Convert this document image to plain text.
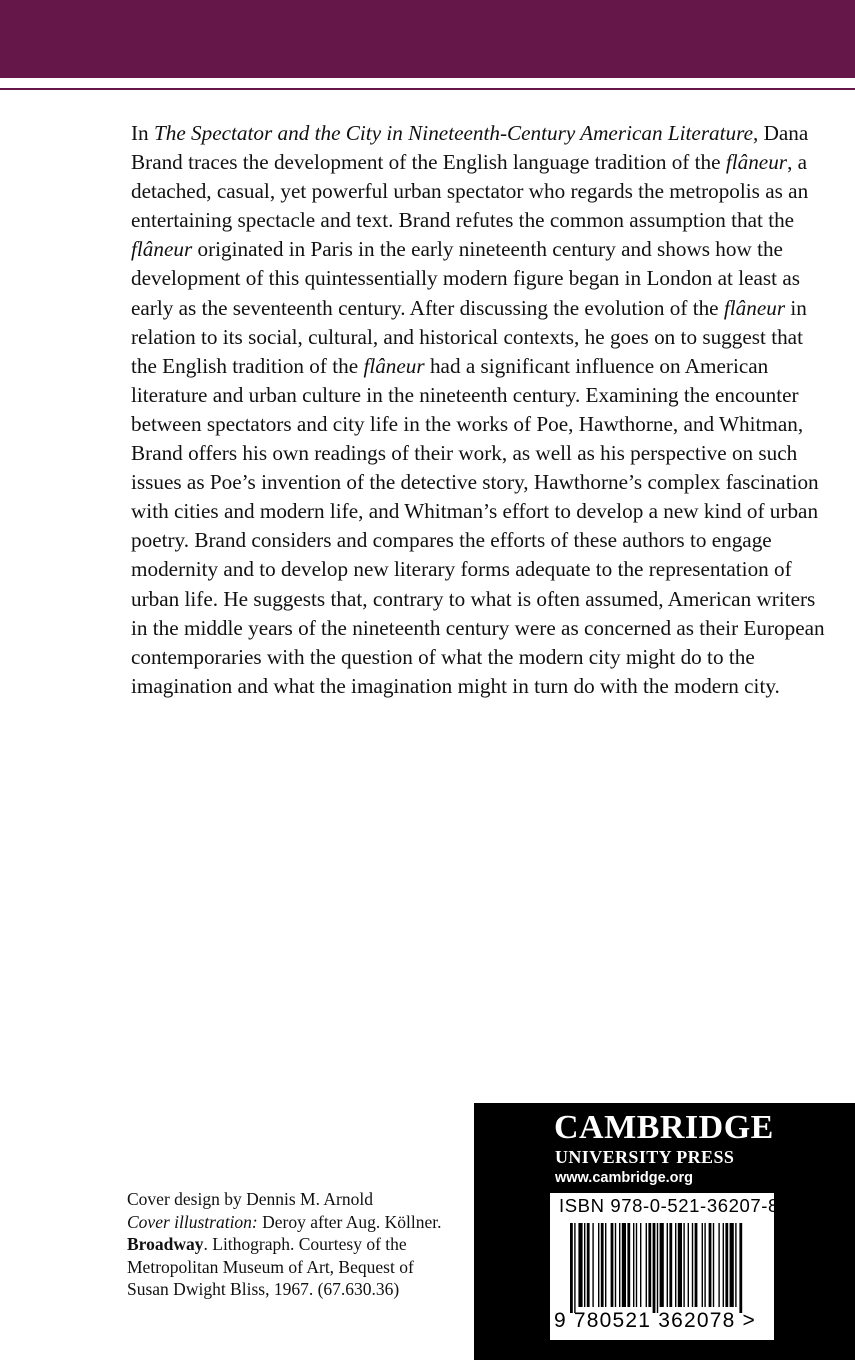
In The Spectator and the City in Nineteenth-Century American Literature, Dana Brand traces the development of the English language tradition of the flâneur, a detached, casual, yet powerful urban spectator who regards the metropolis as an entertaining spectacle and text. Brand refutes the common assumption that the flâneur originated in Paris in the early nineteenth century and shows how the development of this quintessentially modern figure began in London at least as early as the seventeenth century. After discussing the evolution of the flâneur in relation to its social, cultural, and historical contexts, he goes on to suggest that the English tradition of the flâneur had a significant influence on American literature and urban culture in the nineteenth century. Examining the encounter between spectators and city life in the works of Poe, Hawthorne, and Whitman, Brand offers his own readings of their work, as well as his perspective on such issues as Poe’s invention of the detective story, Hawthorne’s complex fascination with cities and modern life, and Whitman’s effort to develop a new kind of urban poetry. Brand considers and compares the efforts of these authors to engage modernity and to develop new literary forms adequate to the representation of urban life. He suggests that, contrary to what is often assumed, American writers in the middle years of the nineteenth century were as concerned as their European contemporaries with the question of what the modern city might do to the imagination and what the imagination might in turn do with the modern city.

Cover design by Dennis M. Arnold
Cover illustration: Deroy after Aug. Köllner.
Broadway. Lithograph. Courtesy of the Metropolitan Museum of Art, Bequest of Susan Dwight Bliss, 1967. (67.630.36)

CAMBRIDGE
UNIVERSITY PRESS
www.cambridge.org
ISBN 978-0-521-36207-8
9 780521 362078 >
